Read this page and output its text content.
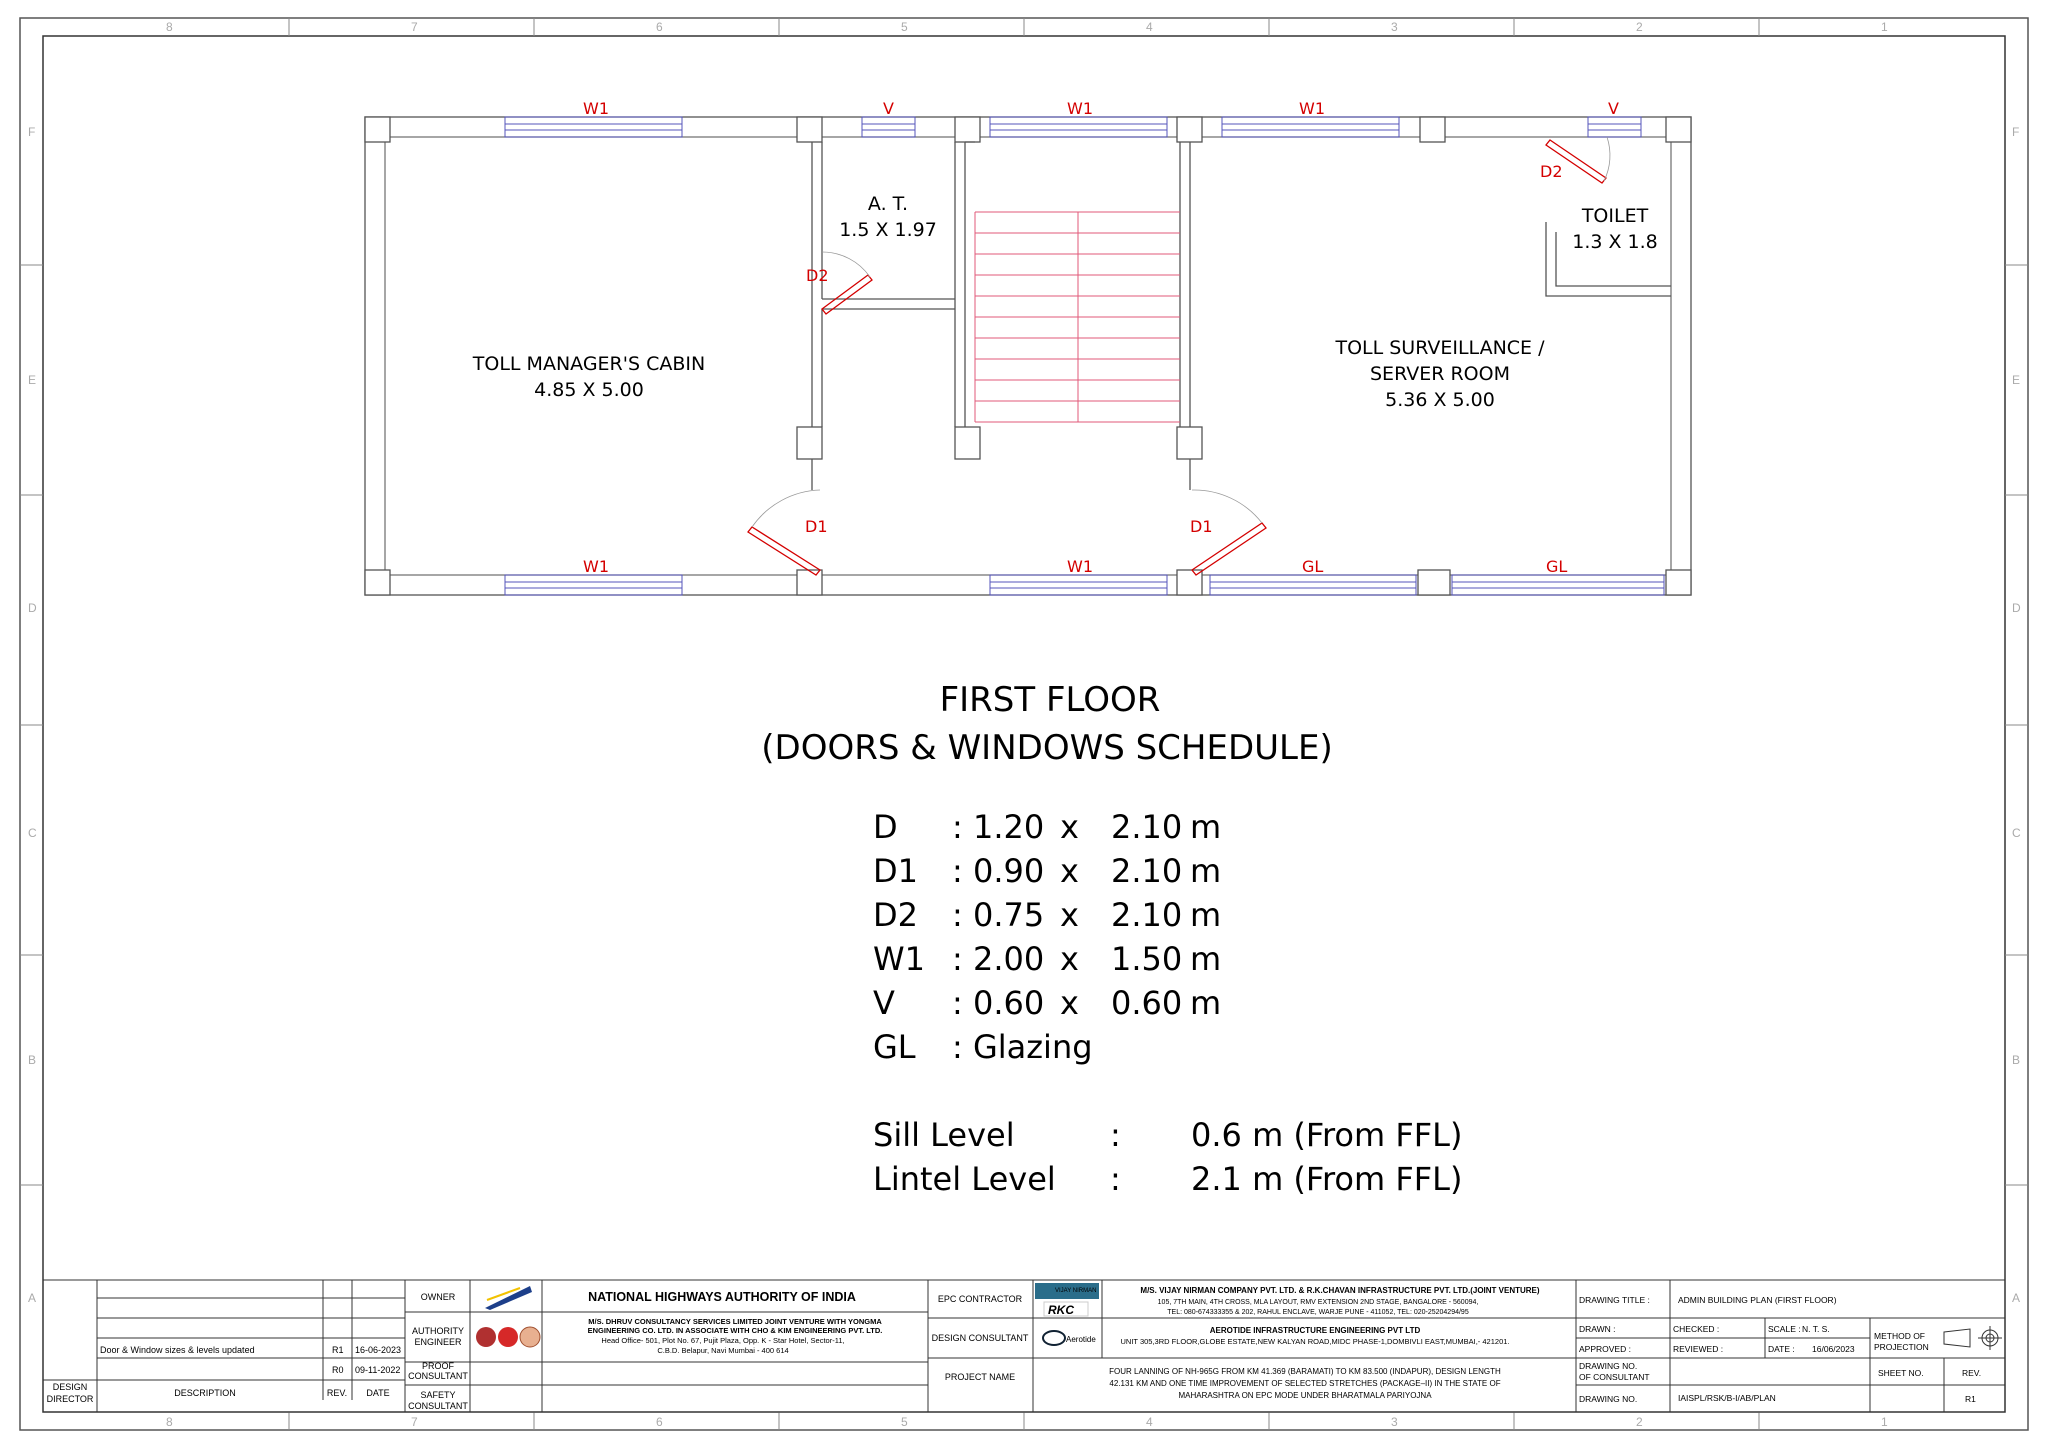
8	7	6	5	4	3	2	1
8	7	6	5	4	3	2	1
F
E
D
C
B
A
F
E
D
C
B
A
W1	V	W1	W1	V
D2
D2
D1	D1
W1	W1	GL	GL
TOLL MANAGER'S CABIN
4.85 X 5.00
A. T.
1.5 X 1.97
TOILET
1.3 X 1.8
TOLL SURVEILLANCE /
SERVER ROOM
5.36 X 5.00
FIRST FLOOR
(DOORS & WINDOWS SCHEDULE)
D : 1.20 x 2.10 m
D1 : 0.90 x 2.10 m
D2 : 0.75 x 2.10 m
W1 : 2.00 x 1.50 m
V : 0.60 x 0.60 m
GL : Glazing
Sill Level	: 0.6 m (From FFL)
Lintel Level : 2.1 m (From FFL)
VIJAY NIRMAN
RKC
Aerotide
Door & Window sizes & levels updated	R1 16-06-2023
R0 09-11-2022
DESIGN
DIRECTOR
DESCRIPTION	REV. DATE
OWNER	NATIONAL HIGHWAYS AUTHORITY OF INDIA
AUTHORITY
ENGINEER
M/S. DHRUV CONSULTANCY SERVICES LIMITED JOINT VENTURE WITH YONGMA
ENGINEERING CO. LTD. IN ASSOCIATE WITH CHO & KIM ENGINEERING PVT. LTD.
Head Office- 501, Plot No. 67, Pujit Plaza, Opp. K - Star Hotel, Sector-11,
C.B.D. Belapur, Navi Mumbai - 400 614
PROOF
CONSULTANT
SAFETY
CONSULTANT
EPC CONTRACTOR
M/S. VIJAY NIRMAN COMPANY PVT. LTD. & R.K.CHAVAN INFRASTRUCTURE PVT. LTD.(JOINT VENTURE)
105, 7TH MAIN, 4TH CROSS, MLA LAYOUT, RMV EXTENSION 2ND STAGE, BANGALORE - 560094,
TEL: 080-674333355 & 202, RAHUL ENCLAVE, WARJE PUNE - 411052, TEL: 020-25204294/95
DESIGN CONSULTANT
AEROTIDE INFRASTRUCTURE ENGINEERING PVT LTD
UNIT 305,3RD FLOOR,GLOBE ESTATE,NEW KALYAN ROAD,MIDC PHASE-1,DOMBIVLI EAST,MUMBAI,- 421201.
PROJECT NAME
FOUR LANNING OF NH-965G FROM KM 41.369 (BARAMATI) TO KM 83.500 (INDAPUR), DESIGN LENGTH
42.131 KM AND ONE TIME IMPROVEMENT OF SELECTED STRETCHES (PACKAGE–II) IN THE STATE OF
MAHARASHTRA ON EPC MODE UNDER BHARATMALA PARIYOJNA
DRAWING TITLE :	ADMIN BUILDING PLAN (FIRST FLOOR)
DRAWN :	CHECKED :	SCALE : N. T. S.
APPROVED :	REVIEWED :	DATE : 16/06/2023
METHOD OF
PROJECTION
DRAWING NO.
OF CONSULTANT	SHEET NO.	REV.
DRAWING NO.	IAISPL/RSK/B-I/AB/PLAN	R1
